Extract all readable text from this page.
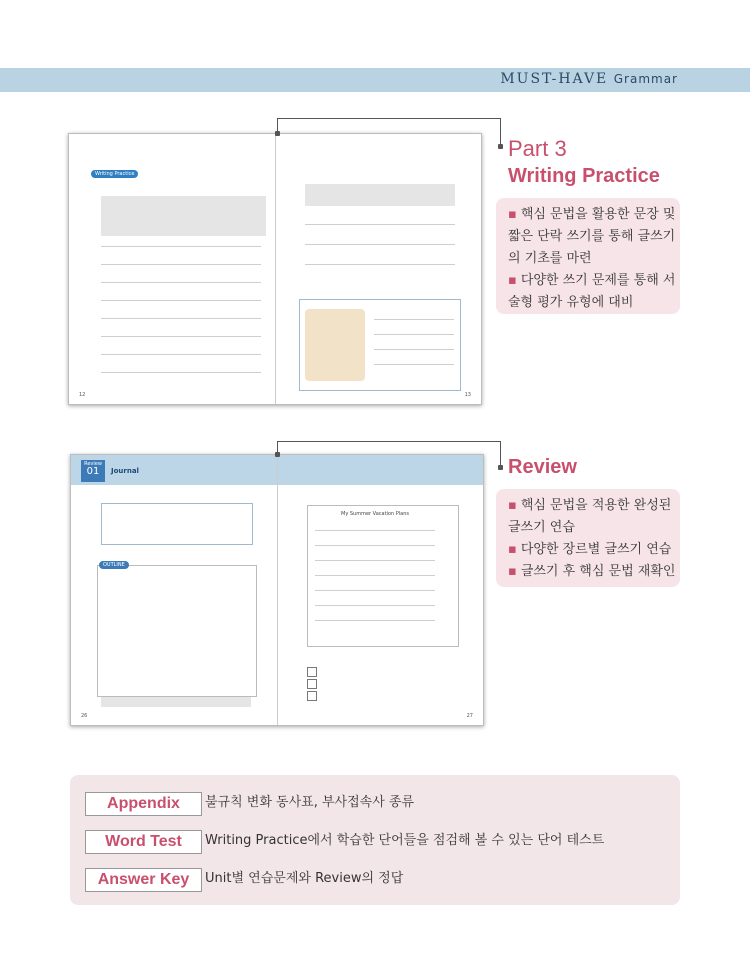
MUST-HAVE Grammar
Writing Practice
12	13
Review
01	Journal
OUTLINE
My Summer Vacation Plans
26	27
Part 3
Writing Practice
▪ 핵심 문법을 활용한 문장 및 짧은 단락 쓰기를 통해 글쓰기의 기초를 마련
▪ 다양한 쓰기 문제를 통해 서술형 평가 유형에 대비
Review
▪ 핵심 문법을 적용한 완성된 글쓰기 연습
▪ 다양한 장르별 글쓰기 연습
▪ 글쓰기 후 핵심 문법 재확인
Appendix	불규칙 변화 동사표, 부사접속사 종류
Word Test	Writing Practice에서 학습한 단어들을 점검해 볼 수 있는 단어 테스트
Answer Key	Unit별 연습문제와 Review의 정답
